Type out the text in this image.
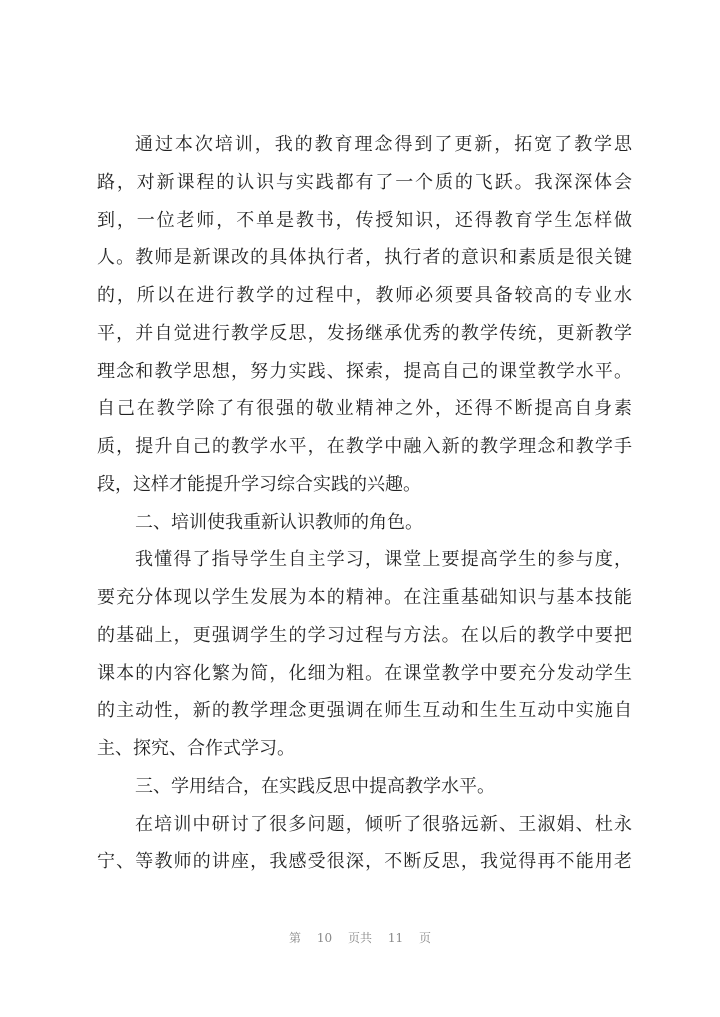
通过本次培训，我的教育理念得到了更新，拓宽了教学思
路，对新课程的认识与实践都有了一个质的飞跃。我深深体会
到，一位老师，不单是教书，传授知识，还得教育学生怎样做
人。教师是新课改的具体执行者，执行者的意识和素质是很关键
的，所以在进行教学的过程中，教师必须要具备较高的专业水
平，并自觉进行教学反思，发扬继承优秀的教学传统，更新教学
理念和教学思想，努力实践、探索，提高自己的课堂教学水平。
自己在教学除了有很强的敬业精神之外，还得不断提高自身素
质，提升自己的教学水平，在教学中融入新的教学理念和教学手
段，这样才能提升学习综合实践的兴趣。
二、培训使我重新认识教师的角色。
我懂得了指导学生自主学习，课堂上要提高学生的参与度，
要充分体现以学生发展为本的精神。在注重基础知识与基本技能
的基础上，更强调学生的学习过程与方法。在以后的教学中要把
课本的内容化繁为简，化细为粗。在课堂教学中要充分发动学生
的主动性，新的教学理念更强调在师生互动和生生互动中实施自
主、探究、合作式学习。
三、学用结合，在实践反思中提高教学水平。
在培训中研讨了很多问题，倾听了很骆远新、王淑娟、杜永
宁、等教师的讲座，我感受很深，不断反思，我觉得再不能用老
第 10 页共 11 页
